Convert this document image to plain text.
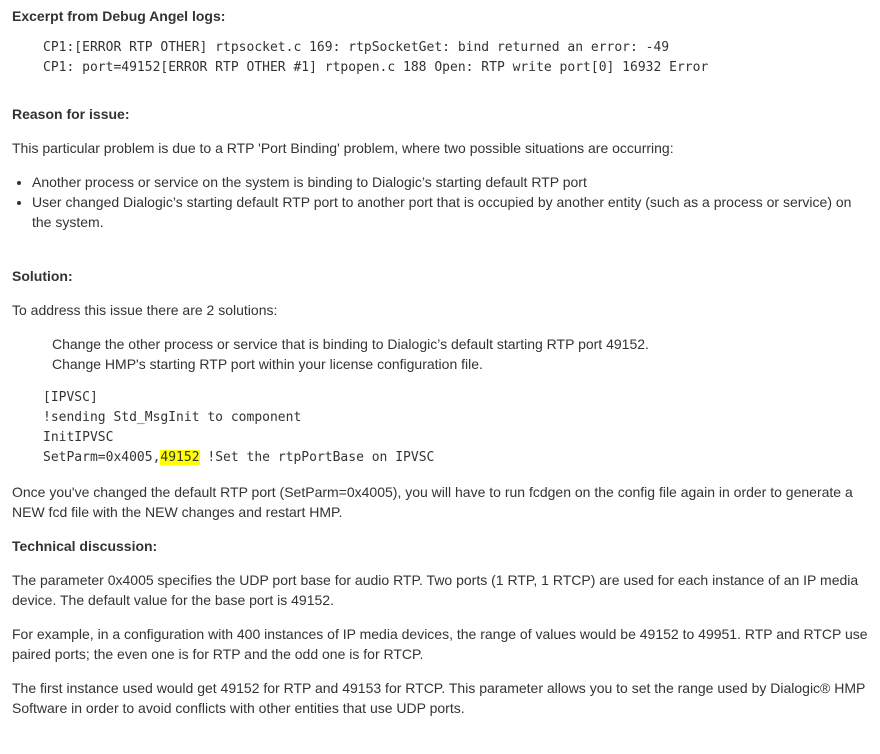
Excerpt from Debug Angel logs:

CP1:[ERROR RTP OTHER] rtpsocket.c 169: rtpSocketGet: bind returned an error: -49

CP1: port=49152[ERROR RTP OTHER #1] rtpopen.c 188 Open: RTP write port[0] 16932 Error

Reason for issue:

This particular problem is due to a RTP 'Port Binding' problem, where two possible situations are occurring:

• Another process or service on the system is binding to Dialogic’s starting default RTP port
• User changed Dialogic’s starting default RTP port to another port that is occupied by another entity (such as a process or service) on the system.

Solution:

To address this issue there are 2 solutions:

Change the other process or service that is binding to Dialogic’s default starting RTP port 49152.

Change HMP's starting RTP port within your license configuration file.

[IPVSC]

!sending Std_MsgInit to component

InitIPVSC

SetParm=0x4005,49152 !Set the rtpPortBase on IPVSC

Once you've changed the default RTP port (SetParm=0x4005), you will have to run fcdgen on the config file again in order to generate a NEW fcd file with the NEW changes and restart HMP.

Technical discussion:

The parameter 0x4005 specifies the UDP port base for audio RTP. Two ports (1 RTP, 1 RTCP) are used for each instance of an IP media device. The default value for the base port is 49152.

For example, in a configuration with 400 instances of IP media devices, the range of values would be 49152 to 49951. RTP and RTCP use paired ports; the even one is for RTP and the odd one is for RTCP.

The first instance used would get 49152 for RTP and 49153 for RTCP. This parameter allows you to set the range used by Dialogic® HMP Software in order to avoid conflicts with other entities that use UDP ports.
